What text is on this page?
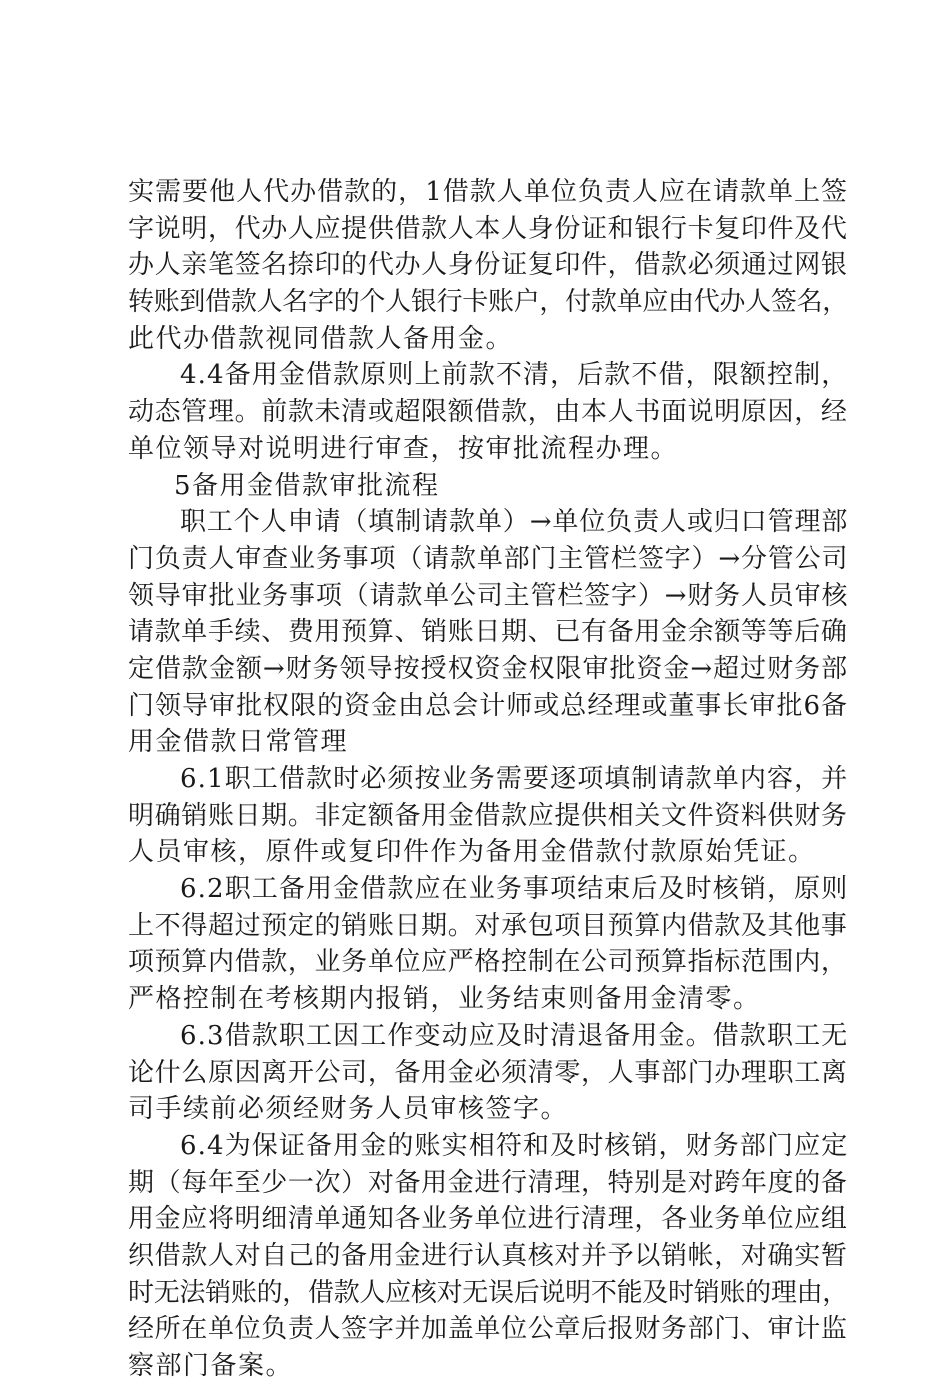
实需要他人代办借款的，1借款人单位负责人应在请款单上签
字说明，代办人应提供借款人本人身份证和银行卡复印件及代
办人亲笔签名捺印的代办人身份证复印件，借款必须通过网银
转账到借款人名字的个人银行卡账户，付款单应由代办人签名，
此代办借款视同借款人备用金。
4.4备用金借款原则上前款不清，后款不借，限额控制，
动态管理。前款未清或超限额借款，由本人书面说明原因，经
单位领导对说明进行审查，按审批流程办理。
5备用金借款审批流程
职工个人申请（填制请款单）→单位负责人或归口管理部
门负责人审查业务事项（请款单部门主管栏签字）→分管公司
领导审批业务事项（请款单公司主管栏签字）→财务人员审核
请款单手续、费用预算、销账日期、已有备用金余额等等后确
定借款金额→财务领导按授权资金权限审批资金→超过财务部
门领导审批权限的资金由总会计师或总经理或董事长审批6备
用金借款日常管理
6.1职工借款时必须按业务需要逐项填制请款单内容，并
明确销账日期。非定额备用金借款应提供相关文件资料供财务
人员审核，原件或复印件作为备用金借款付款原始凭证。
6.2职工备用金借款应在业务事项结束后及时核销，原则
上不得超过预定的销账日期。对承包项目预算内借款及其他事
项预算内借款，业务单位应严格控制在公司预算指标范围内，
严格控制在考核期内报销，业务结束则备用金清零。
6.3借款职工因工作变动应及时清退备用金。借款职工无
论什么原因离开公司，备用金必须清零，人事部门办理职工离
司手续前必须经财务人员审核签字。
6.4为保证备用金的账实相符和及时核销，财务部门应定
期（每年至少一次）对备用金进行清理，特别是对跨年度的备
用金应将明细清单通知各业务单位进行清理，各业务单位应组
织借款人对自己的备用金进行认真核对并予以销帐，对确实暂
时无法销账的，借款人应核对无误后说明不能及时销账的理由，
经所在单位负责人签字并加盖单位公章后报财务部门、审计监
察部门备案。
